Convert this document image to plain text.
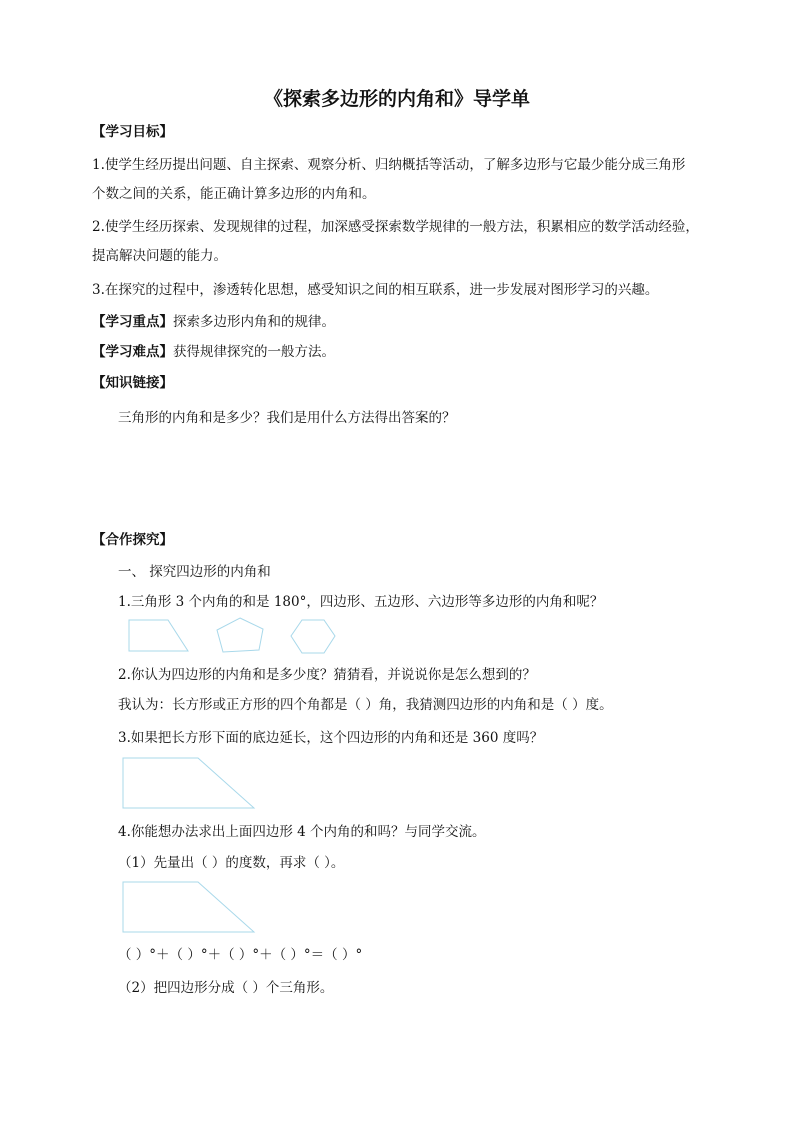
《探索多边形的内角和》导学单
【学习目标】
1.使学生经历提出问题、自主探索、观察分析、归纳概括等活动，了解多边形与它最少能分成三角形
个数之间的关系，能正确计算多边形的内角和。
2.使学生经历探索、发现规律的过程，加深感受探索数学规律的一般方法，积累相应的数学活动经验，
提高解决问题的能力。
3.在探究的过程中，渗透转化思想，感受知识之间的相互联系，进一步发展对图形学习的兴趣。
【学习重点】探索多边形内角和的规律。
【学习难点】获得规律探究的一般方法。
【知识链接】
三角形的内角和是多少？我们是用什么方法得出答案的？
【合作探究】
一、 探究四边形的内角和
1.三角形 3 个内角的和是 180°，四边形、五边形、六边形等多边形的内角和呢？
2.你认为四边形的内角和是多少度？猜猜看，并说说你是怎么想到的？
我认为：长方形或正方形的四个角都是（ ）角，我猜测四边形的内角和是（ ）度。
3.如果把长方形下面的底边延长，这个四边形的内角和还是 360 度吗？
4.你能想办法求出上面四边形 4 个内角的和吗？与同学交流。
（1）先量出（ ）的度数，再求（ ）。
（ ）°＋（ ）°＋（ ）°＋（ ）°＝（ ）°
（2）把四边形分成（ ）个三角形。
